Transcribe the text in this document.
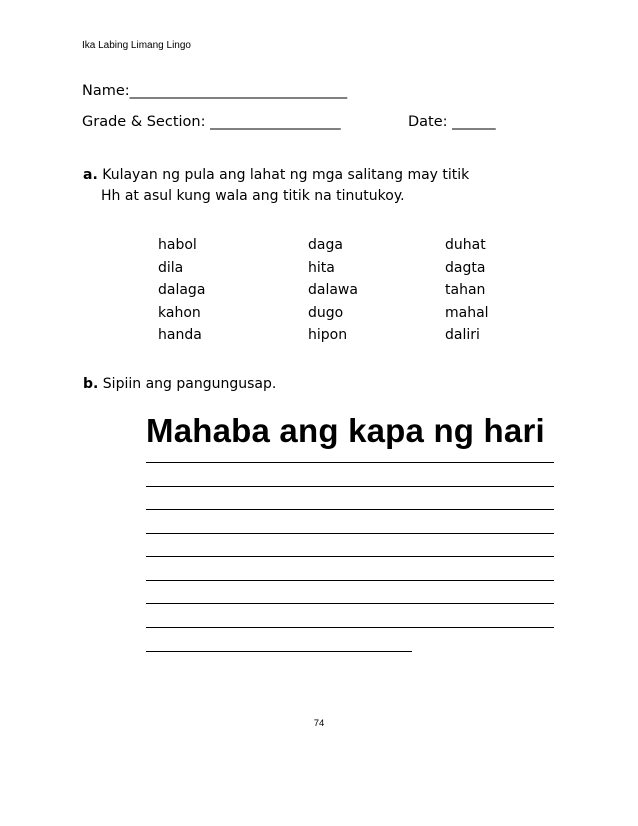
Ika Labing Limang Lingo
Name:______________________________
Grade & Section: __________________	Date: ______
a. Kulayan ng pula ang lahat ng mga salitang may titik
Hh at asul kung wala ang titik na tinutukoy.
habol
dila
dalaga
kahon
handa
daga
hita
dalawa
dugo
hipon
duhat
dagta
tahan
mahal
daliri
b. Sipiin ang pangungusap.
Mahaba ang kapa ng hari
74
